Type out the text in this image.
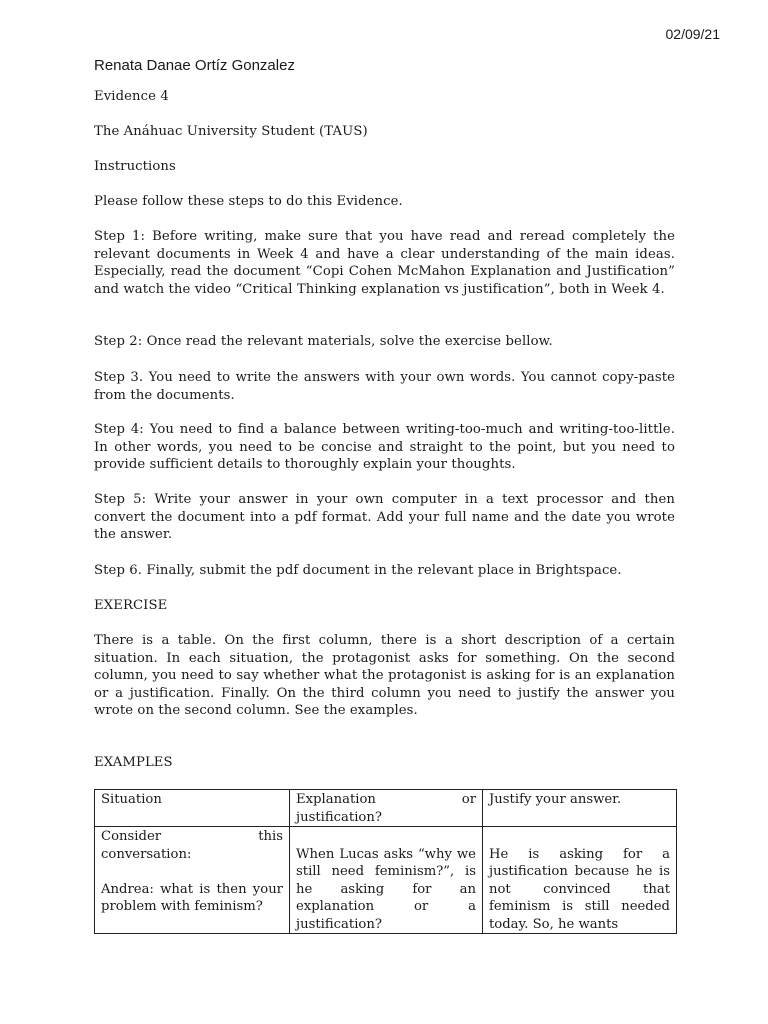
02/09/21
Renata Danae Ortíz Gonzalez
Evidence 4
The Anáhuac University Student (TAUS)
Instructions
Please follow these steps to do this Evidence.
Step 1: Before writing, make sure that you have read and reread completely the relevant documents in Week 4 and have a clear understanding of the main ideas. Especially, read the document “Copi Cohen McMahon Explanation and Justification” and watch the video “Critical Thinking explanation vs justification”, both in Week 4.
Step 2: Once read the relevant materials, solve the exercise bellow.
Step 3. You need to write the answers with your own words. You cannot copy-paste from the documents.
Step 4: You need to find a balance between writing-too-much and writing-too-little. In other words, you need to be concise and straight to the point, but you need to provide sufficient details to thoroughly explain your thoughts.
Step 5: Write your answer in your own computer in a text processor and then convert the document into a pdf format. Add your full name and the date you wrote the answer.
Step 6. Finally, submit the pdf document in the relevant place in Brightspace.
EXERCISE
There is a table. On the first column, there is a short description of a certain situation. In each situation, the protagonist asks for something. On the second column, you need to say whether what the protagonist is asking for is an explanation or a justification. Finally. On the third column you need to justify the answer you wrote on the second column. See the examples.
EXAMPLES
Situation	Explanation or justification?	Justify your answer.
Consider this conversation:
Andrea: what is then your problem with feminism?	When Lucas asks “why we still need feminism?”, is he asking for an explanation or a justification?	He is asking for a justification because he is not convinced that feminism is still needed today. So, he wants
